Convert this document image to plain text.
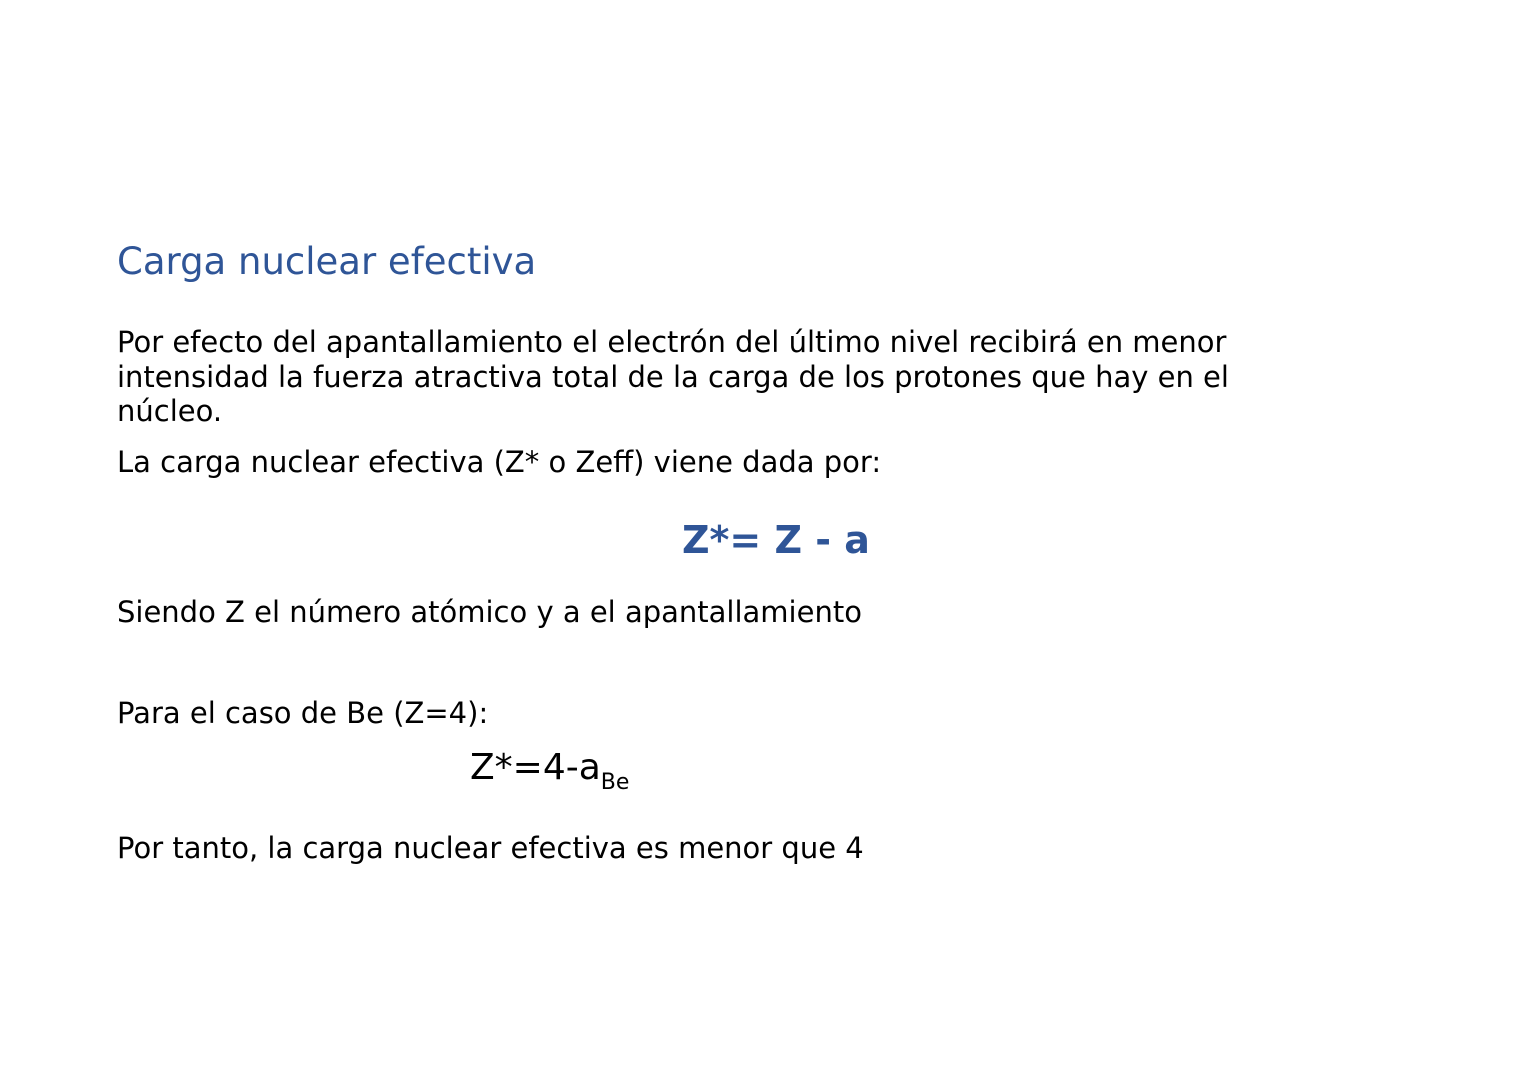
Carga nuclear efectiva

Por efecto del apantallamiento el electrón del último nivel recibirá en menor
intensidad la fuerza atractiva total de la carga de los protones que hay en el
núcleo.

La carga nuclear efectiva (Z* o Zeff) viene dada por:
Z*= Z - a
Siendo Z el número atómico y a el apantallamiento
Para el caso de Be (Z=4):
$Z*=4-a_{Be}$
Por tanto, la carga nuclear efectiva es menor que 4
